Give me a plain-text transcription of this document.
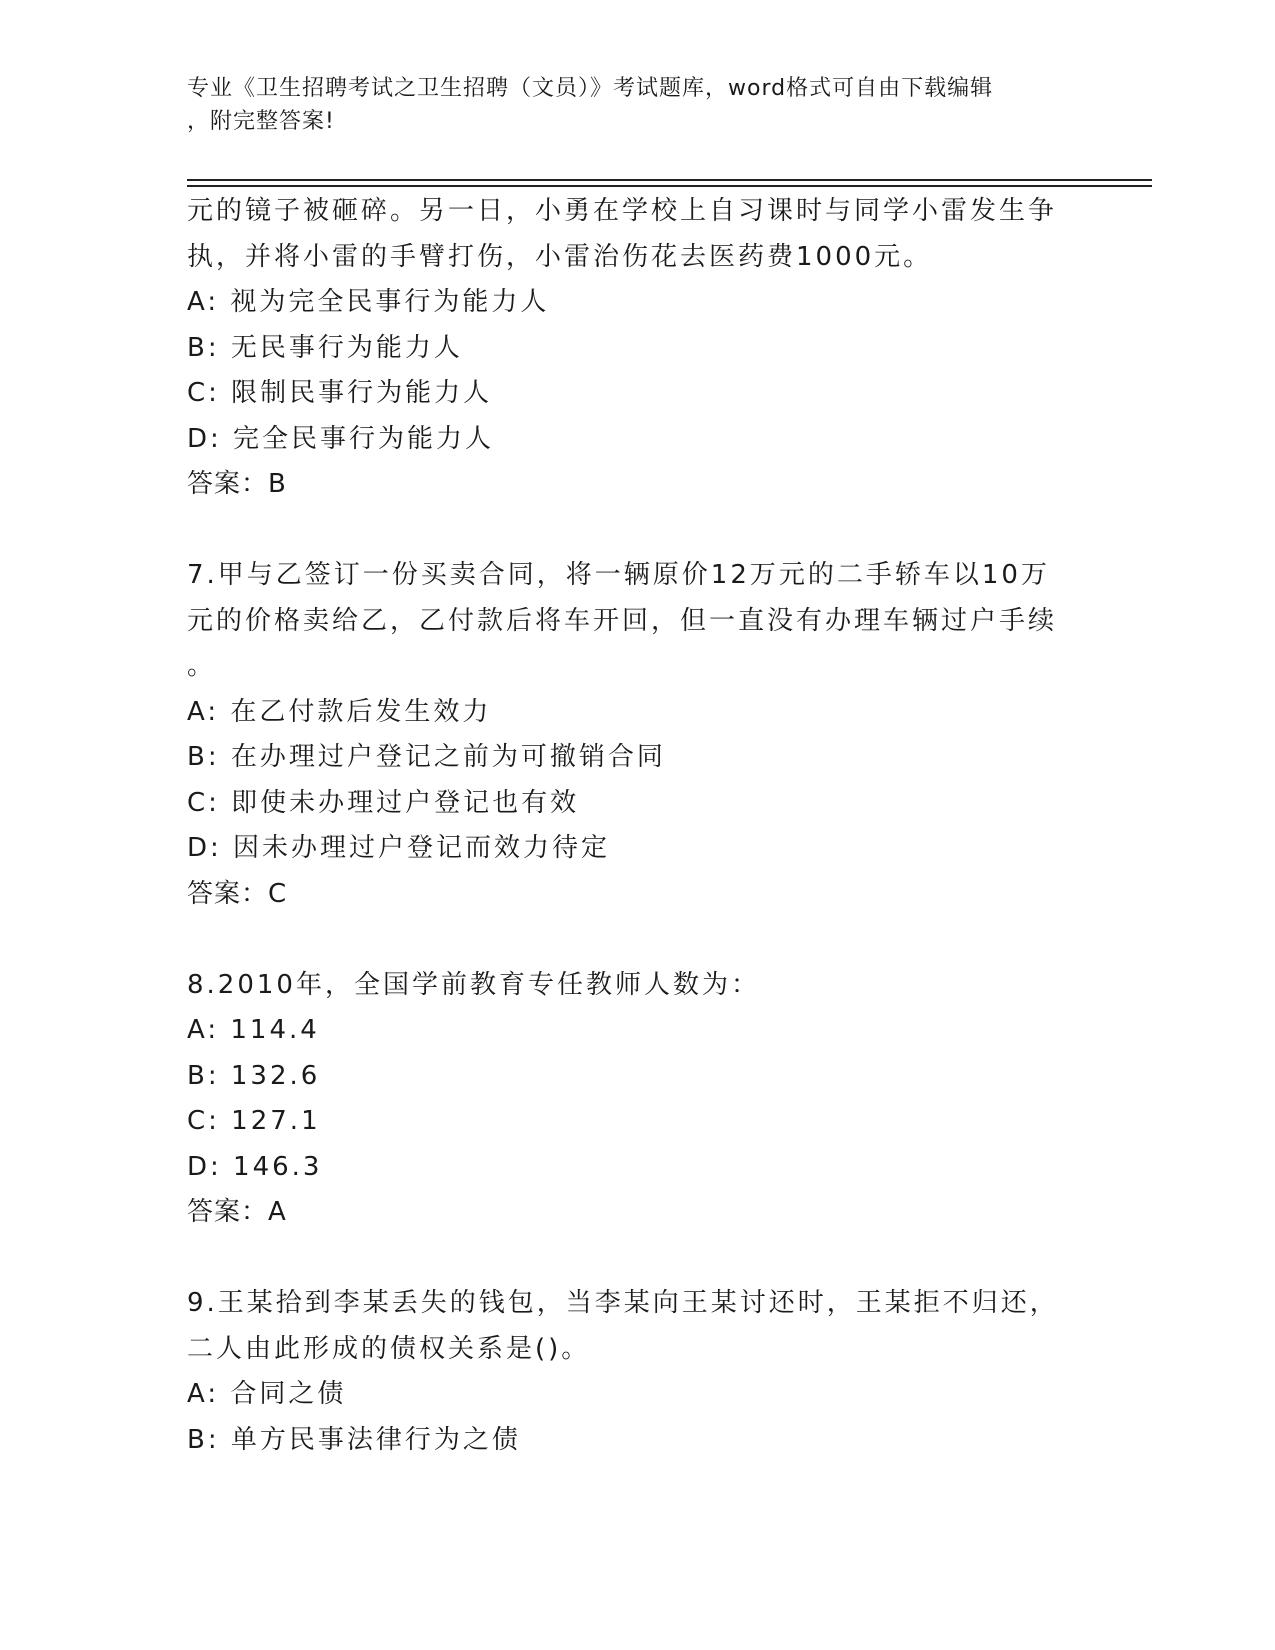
专业《卫生招聘考试之卫生招聘（文员）》考试题库，word格式可自由下载编辑
，附完整答案!
元的镜子被砸碎。另一日，小勇在学校上自习课时与同学小雷发生争
执，并将小雷的手臂打伤，小雷治伤花去医药费1000元。
A: 视为完全民事行为能力人
B: 无民事行为能力人
C: 限制民事行为能力人
D: 完全民事行为能力人
答案：B
7.甲与乙签订一份买卖合同，将一辆原价12万元的二手轿车以10万
元的价格卖给乙，乙付款后将车开回，但一直没有办理车辆过户手续
。
A: 在乙付款后发生效力
B: 在办理过户登记之前为可撤销合同
C: 即使未办理过户登记也有效
D: 因未办理过户登记而效力待定
答案：C
8.2010年，全国学前教育专任教师人数为：
A: 114.4
B: 132.6
C: 127.1
D: 146.3
答案：A
9.王某拾到李某丢失的钱包，当李某向王某讨还时，王某拒不归还，
二人由此形成的债权关系是()。
A: 合同之债
B: 单方民事法律行为之债
